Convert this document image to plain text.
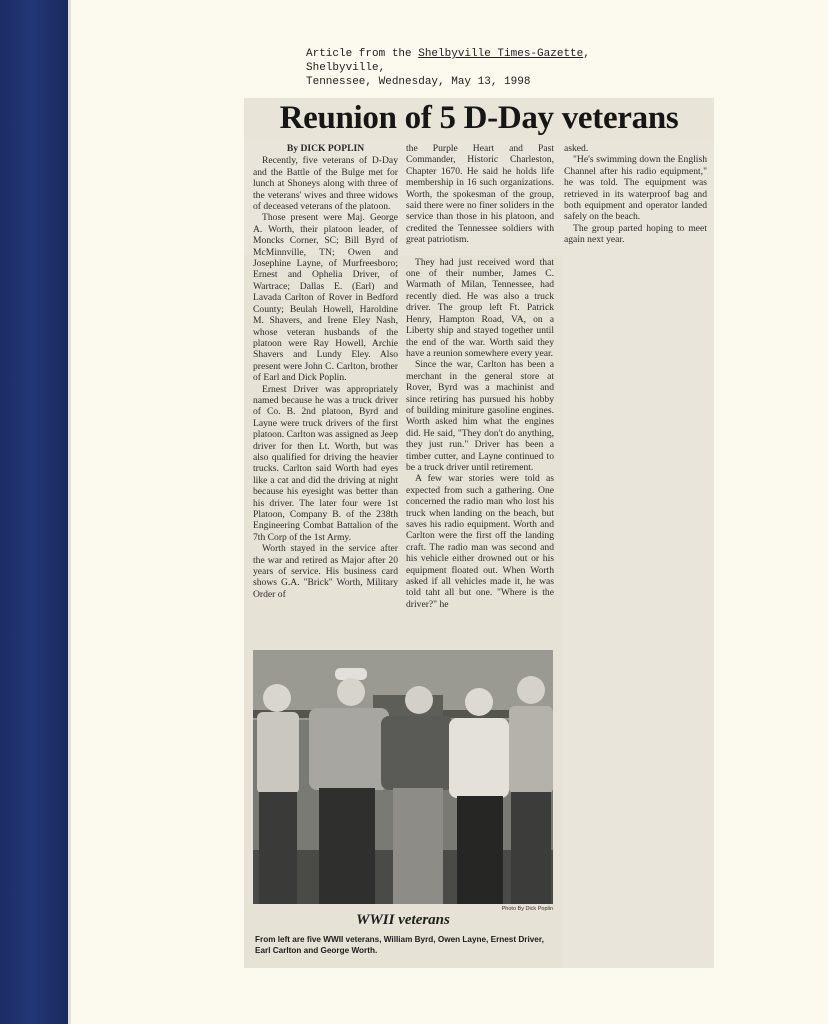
Article from the Shelbyville Times-Gazette, Shelbyville,
Tennessee, Wednesday, May 13, 1998
Reunion of 5 D-Day veterans

By DICK POPLIN

Recently, five veterans of D-Day and the Battle of the Bulge met for lunch at Shoneys along with three of the veterans' wives and three widows of deceased veterans of the platoon.

Those present were Maj. George A. Worth, their platoon leader, of Moncks Corner, SC; Bill Byrd of McMinnville, TN; Owen and Josephine Layne, of Murfreesboro; Ernest and Ophelia Driver, of Wartrace; Dallas E. (Earl) and Lavada Carlton of Rover in Bedford County; Beulah Howell, Haroldine M. Shavers, and Irene Eley Nash, whose veteran husbands of the platoon were Ray Howell, Archie Shavers and Lundy Eley. Also present were John C. Carlton, brother of Earl and Dick Poplin.

Ernest Driver was appropriately named because he was a truck driver of Co. B. 2nd platoon, Byrd and Layne were truck drivers of the first platoon. Carlton was assigned as Jeep driver for then Lt. Worth, but was also qualified for driving the heavier trucks. Carlton said Worth had eyes like a cat and did the driving at night because his eyesight was better than his driver. The later four were 1st Platoon, Company B. of the 238th Engineering Combat Battalion of the 7th Corp of the 1st Army.

Worth stayed in the service after the war and retired as Major after 20 years of service. His business card shows G.A. "Brick" Worth, Military Order of

the Purple Heart and Past Commander, Historic Charleston, Chapter 1670. He said he holds life membership in 16 such organizations. Worth, the spokesman of the group, said there were no finer soliders in the service than those in his platoon, and credited the Tennessee soldiers with great patriotism.

They had just received word that one of their number, James C. Warmath of Milan, Tennessee, had recently died. He was also a truck driver. The group left Ft. Patrick Henry, Hampton Road, VA, on a Liberty ship and stayed together until the end of the war. Worth said they have a reunion somewhere every year.

Since the war, Carlton has been a merchant in the general store at Rover, Byrd was a machinist and since retiring has pursued his hobby of building miniture gasoline engines. Worth asked him what the engines did. He said, "They don't do anything, they just run." Driver has been a timber cutter, and Layne continued to be a truck driver until retirement.

A few war stories were told as expected from such a gathering. One concerned the radio man who lost his truck when landing on the beach, but saves his radio equipment. Worth and Carlton were the first off the landing craft. The radio man was second and his vehicle either drowned out or his equipment floated out. When Worth asked if all vehicles made it, he was told taht all but one. "Where is the driver?" he

asked.

"He's swimming down the English Channel after his radio equipment," he was told. The equipment was retrieved in its waterproof bag and both equipment and operator landed safely on the beach.

The group parted hoping to meet again next year.

Photo By Dick Poplin
WWII veterans
From left are five WWII veterans, William Byrd, Owen Layne, Ernest Driver, Earl Carlton and George Worth.
